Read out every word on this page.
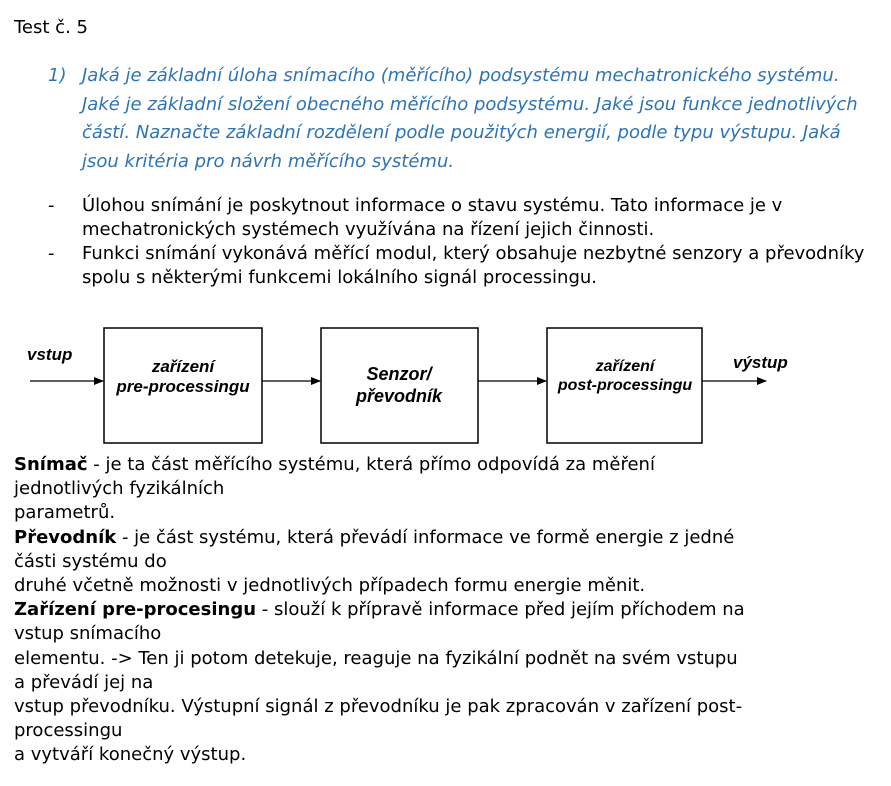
Test č. 5
1) Jaká je základní úloha snímacího (měřícího) podsystému mechatronického systému. Jaké je základní složení obecného měřícího podsystému. Jaké jsou funkce jednotlivých částí. Naznačte základní rozdělení podle použitých energií, podle typu výstupu. Jaká jsou kritéria pro návrh měřícího systému.
- Úlohou snímání je poskytnout informace o stavu systému. Tato informace je v mechatronických systémech využívána na řízení jejich činnosti.
- Funkci snímání vykonává měřící modul, který obsahuje nezbytné senzory a převodníky spolu s některými funkcemi lokálního signál processingu.
vstup
zařízení
pre-processingu
Senzor/
převodník
zařízení
post-processingu
výstup

Snímač - je ta část měřícího systému, která přímo odpovídá za měření

jednotlivých fyzikálních

parametrů.

Převodník - je část systému, která převádí informace ve formě energie z jedné

části systému do

druhé včetně možnosti v jednotlivých případech formu energie měnit.

Zařízení pre-procesingu - slouží k přípravě informace před jejím příchodem na

vstup snímacího

elementu. -> Ten ji potom detekuje, reaguje na fyzikální podnět na svém vstupu

a převádí jej na

vstup převodníku. Výstupní signál z převodníku je pak zpracován v zařízení post-

processingu

a vytváří konečný výstup.
